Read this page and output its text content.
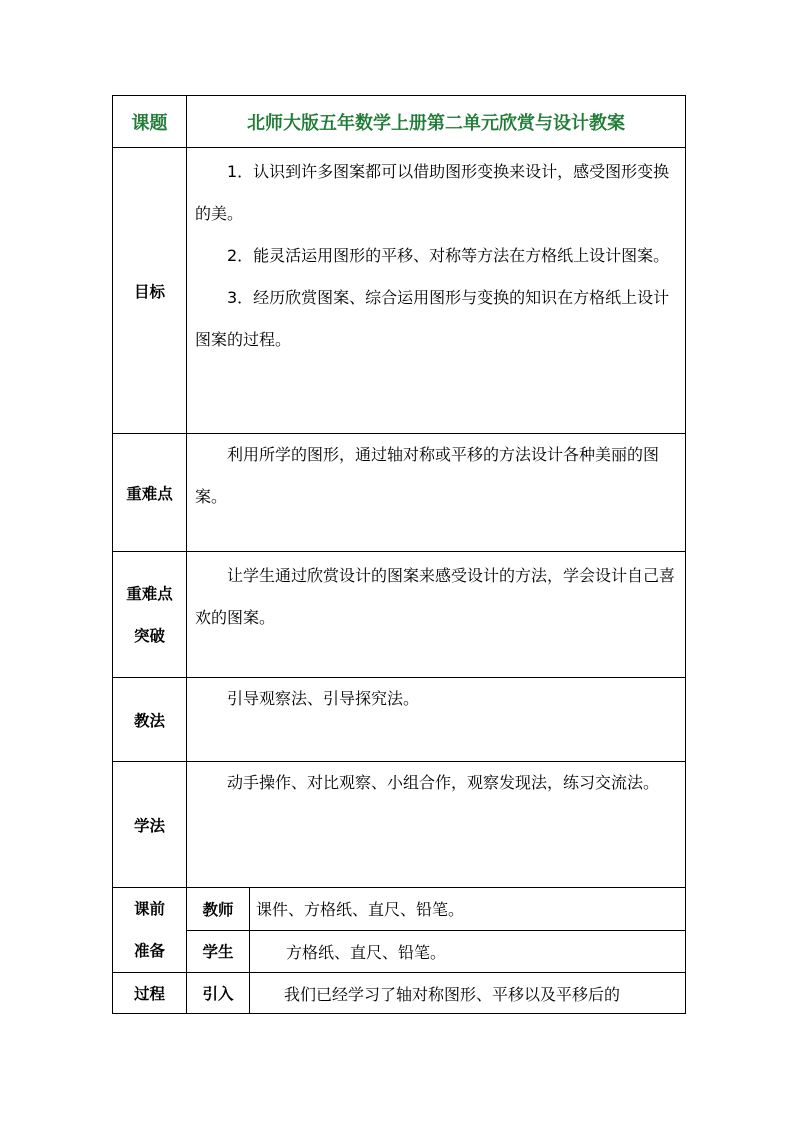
课题	北师大版五年数学上册第二单元欣赏与设计教案	
目标	1．认识到许多图案都可以借助图形变换来设计，感受图形变换的美。

2．能灵活运用图形的平移、对称等方法在方格纸上设计图案。

3．经历欣赏图案、综合运用图形与变换的知识在方格纸上设计图案的过程。	

重难点	利用所学的图形，通过轴对称或平移的方法设计各种美丽的图案。	

重难点
突破	让学生通过欣赏设计的图案来感受设计的方法，学会设计自己喜欢的图案。	

教法	引导观察法、引导探究法。	

学法	动手操作、对比观察、小组合作，观察发现法，练习交流法。	

课前
准备	教师	课件、方格纸、直尺、铅笔。
	学生	方格纸、直尺、铅笔。
过程	引入	我们已经学习了轴对称图形、平移以及平移后的
